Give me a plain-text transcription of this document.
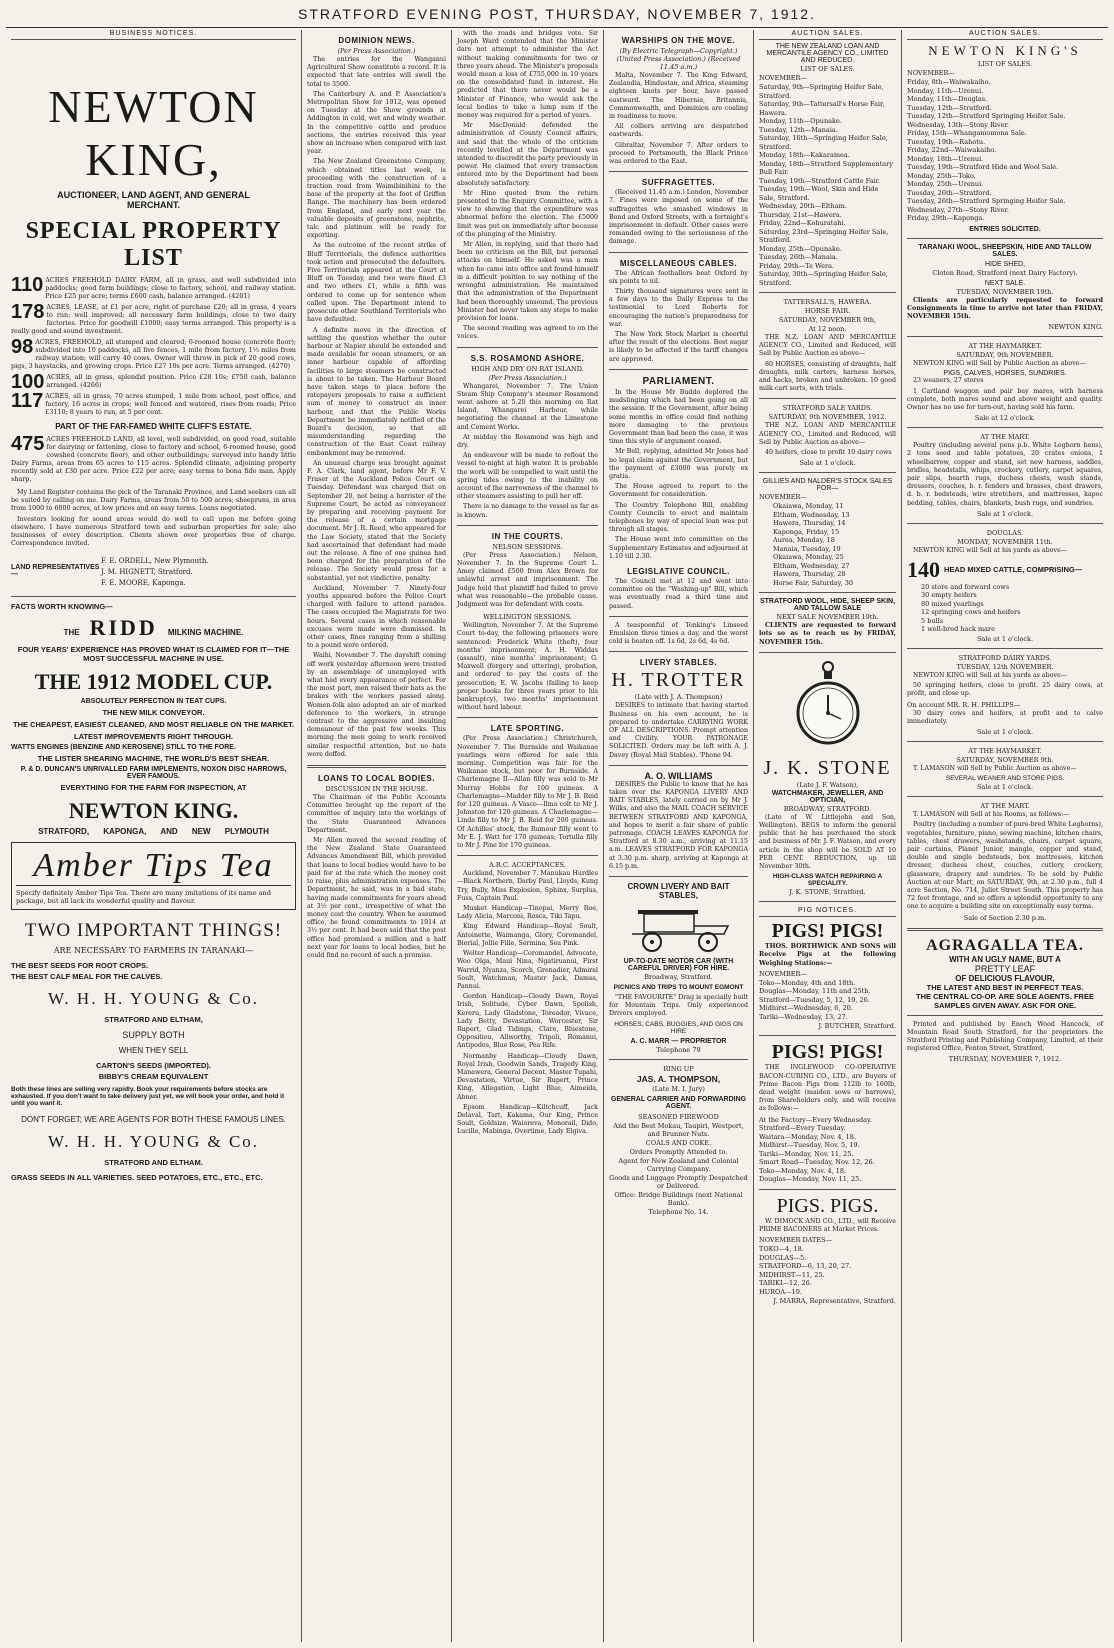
STRATFORD EVENING POST, THURSDAY, NOVEMBER 7, 1912.
BUSINESS NOTICES.
NEWTON KING,
AUCTIONEER, LAND AGENT, AND GENERAL MERCHANT.
SPECIAL PROPERTY LIST
110 ACRES FREEHOLD DAIRY FARM, all in grass, and well subdivided into paddocks; good farm buildings; close to factory, school, and railway station. Price £25 per acre; terms £600 cash, balance arranged. (4201)
178 ACRES, LEASE, at £1 per acre, right of purchase £20; all in grass, 4 years to run; well improved; all necessary farm buildings, close to two dairy factories. Price for goodwill £1000; easy terms arranged. This property is a really good and sound investment.
98 ACRES, FREEHOLD, all stumped and cleared; 6-roomed house (concrete floor); subdivided into 10 paddocks, all live fences, 1 mile from factory, 1½ miles from railway station; will carry 40 cows. Owner will throw in pick of 20 good cows, pigs, 3 haystacks, and growing crops. Price £27 10s per acre. Terms arranged. (4270)
100 ACRES, all in grass, splendid position. Price £28 10s; £750 cash, balance arranged. (4266)
117 ACRES, all in grass, 70 acres stumped, 1 mile from school, post office, and factory, 16 acres in crops; well fenced and watered, rises from roads; Price £3110; 8 years to run, at 5 per cent.
PART OF THE FAR-FAMED WHITE CLIFF'S ESTATE.
475 ACRES FREEHOLD LAND, all level, well subdivided, on good road, suitable for dairying or fattening, close to factory and school, 6-roomed house, good cowshed (concrete floor), and other outbuildings; surveyed into handy little Dairy Farms, areas from 65 acres to 115 acres. Splendid climate, adjoining property recently sold at £30 per acre. Price £22 per acre; easy terms to bona fide man. Apply sharp.
My Land Register contains the pick of the Taranaki Province, and Land seekers can all be suited by calling on me. Dairy Farms, areas from 50 to 500 acres; sheepruns, in area from 1000 to 6000 acres, at low prices and on easy terms. Loans negotiated.
Investors looking for sound areas would do well to call upon me before going elsewhere. I have numerous Stratford town and suburban properties for sale; also businesses of every description. Clients shown over properties free of charge. Correspondence invited.
LAND REPRESENTATIVES—
F. E. ORDELL, New Plymouth.
J. M. HIGNETT, Stratford.
F. E. MOORE, Kaponga.
FACTS WORTH KNOWING—
THE RIDD MILKING MACHINE.
FOUR YEARS' EXPERIENCE HAS PROVED WHAT IS CLAIMED FOR IT—THE MOST SUCCESSFUL MACHINE IN USE.
THE 1912 MODEL CUP.
ABSOLUTELY PERFECTION IN TEAT CUPS.
THE NEW MILK CONVEYOR.
THE CHEAPEST, EASIEST CLEANED, AND MOST RELIABLE ON THE MARKET.
LATEST IMPROVEMENTS RIGHT THROUGH.
WATTS ENGINES (BENZINE AND KEROSENE) STILL TO THE FORE.
THE LISTER SHEARING MACHINE, THE WORLD'S BEST SHEAR.
P. & D. DUNCAN'S UNRIVALLED FARM IMPLEMENTS, NOXON DISC HARROWS, EVER FAMOUS.
EVERYTHING FOR THE FARM FOR INSPECTION, AT
NEWTON KING.
STRATFORD, KAPONGA, AND NEW PLYMOUTH
Amber Tips Tea
Specify definitely Amber Tips Tea. There are many imitations of its name and package, but all lack its wonderful quality and flavour.
TWO IMPORTANT THINGS!
ARE NECESSARY TO FARMERS IN TARANAKI—
THE BEST SEEDS FOR ROOT CROPS.
THE BEST CALF MEAL FOR THE CALVES.
W. H. H. YOUNG & Co.
STRATFORD AND ELTHAM,
SUPPLY BOTH
WHEN THEY SELL
CARTON'S SEEDS (IMPORTED).
BIBBY'S CREAM EQUIVALENT
Both these lines are selling very rapidly. Book your requirements before stocks are exhausted. If you don't want to take delivery just yet, we will book your order, and hold it until you want it.
DON'T FORGET; WE ARE AGENTS FOR BOTH THESE FAMOUS LINES.
W. H. H. YOUNG & Co.
STRATFORD AND ELTHAM.
GRASS SEEDS IN ALL VARIETIES. SEED POTATOES, ETC., ETC., ETC.
DOMINION NEWS.
(Per Press Association.)
The entries for the Wanganui Agricultural Show constitute a record. It is expected that late entries will swell the total to 3500.
The Canterbury A. and P. Association's Metropolitan Show for 1912, was opened on Tuesday at the Show grounds at Addington in cold, wet and windy weather. In the competitive cattle and produce sections, the entries received this year show an increase when compared with last year.
The New Zealand Greenstone Company, which obtained titles last week, is proceeding with the construction of a traction road from Waimibinihini to the base of the property at the foot of Griffen Range. The machinery has been ordered from England, and early next year the valuable deposits of greenstone, nephrite, talc and platinum will be ready for exporting.
As the outcome of the recent strike of Bluff Territorials, the defence authorities took action and prosecuted the defaulters. Five Territorials appeared at the Court at Bluff on Tuesday, and two were fined £3 and two others £1, while a fifth was ordered to come up for sentence when called upon. The Department intend to prosecute other Southland Territorials who have defaulted.
A definite move in the direction of settling the question whether the outer harbour at Napier should be extended and made available for ocean steamers, or an inner harbour capable of affording facilities to large steamers be constructed is about to be taken. The Harbour Board have taken steps to place before the ratepayers proposals to raise a sufficient sum of money to construct an inner harbour, and that the Public Works Department be immediately notified of the Board's decision, so that all misunderstanding regarding the construction of the East Coast railway embankment may be removed.
An unusual charge was brought against F. A. Clark, land agent, before Mr F. V. Fraser at the Auckland Police Court on Tuesday. Defendant was charged that on September 20, not being a barrister of the Supreme Court, he acted as conveyancer by preparing and receiving payment for the release of a certain mortgage document. Mr J. R. Reed, who appeared for the Law Society, stated that the Society had ascertained that defendant had made out the release. A fine of one guinea had been charged for the preparation of the release. The Society would press for a substantial, yet not vindictive, penalty.
Auckland, November 7. Ninety-four youths appeared before the Police Court charged with failure to attend parades. The cases occupied the Magistrate for two hours. Several cases in which reasonable excuses were made were dismissed. In other cases, fines ranging from a shilling to a pound were ordered.
Waihi, November 7. The dayshift coming off work yesterday afternoon were treated by an assemblage of unemployed with what had every appearance of perfect. For the most part, men raised their hats as the brakes with the workers passed along. Women-folk also adopted an air of marked deference to the workers, in strange contrast to the aggressive and insulting demeanour of the past few weeks. This morning the men going to work received similar respectful attention, but no hats were doffed.
LOANS TO LOCAL BODIES.
DISCUSSION IN THE HOUSE.
The Chairman of the Public Accounts Committee brought up the report of the committee of inquiry into the workings of the State Guaranteed Advances Department.
Mr Allen moved the second reading of the New Zealand State Guaranteed Advances Amendment Bill, which provided that loans to local bodies would have to be paid for at the rate which the money cost to raise, plus administration expenses. The Department, he said, was in a bad state, having made commitments for years ahead at 3½ per cent., irrespective of what the money cost the country. When he assumed office, he found commitments to 1914 at 3½ per cent. It had been said that the post office had promised a million and a half next year for loans to local bodies, but he could find no record of such a promise.
with the roads and bridges vote. Sir Joseph Ward contended that the Minister dare not attempt to administer the Act without making commitments for two or three years ahead. The Minister's proposals would mean a loss of £755,000 in 10 years on the consolidated fund in interest. He predicted that there never would be a Minister of Finance, who would ask the local bodies to take a lump sum if the money was required for a period of years.
Mr MacDonald defended the administration of County Council affairs, and said that the whole of the criticism recently levelled at the Department was intended to discredit the party previously in power. He claimed that every transaction entered into by the Department had been absolutely satisfactory.
Mr Hine quoted from the return presented to the Enquiry Committee, with a view to showing that the expenditure was abnormal before the election. The £5000 limit was put on immediately after because of the plunging of the Ministry.
Mr Allen, in replying, said that there had been no criticism on the Bill, but personal attacks on himself. He asked was a man when he came into office and found himself in a difficult position to say nothing of the wrongful administration. He maintained that the administration of the Department had been thoroughly unsound. The previous Minister had never taken any steps to make provision for loans.
The second reading was agreed to on the voices.
S.S. ROSAMOND ASHORE.
HIGH AND DRY ON RAT ISLAND.
(Per Press Association.)
Whangarei, November 7. The Union Steam Ship Company's steamer Rosamond went ashore at 5.20 this morning on Rat Island, Whangarei Harbour, while negotiating the channel at the Limestone and Cement Works.
At midday the Rosamond was high and dry.
An endeavour will be made to refloat the vessel to-night at high water. It is probable the work will be compelled to wait until the spring tides owing to the inability on account of the narrowness of the channel to other steamers assisting to pull her off.
There is no damage to the vessel as far as is known.
IN THE COURTS.
NELSON SESSIONS.
(Per Press Association.) Nelson, November 7. In the Supreme Court L. Amey claimed £500 from Alex Brown for unlawful arrest and imprisonment. The Judge held that plaintiff had failed to prove what was reasonable—the probable cause. Judgment was for defendant with costs.
WELLINGTON SESSIONS.
Wellington, November 7. At the Supreme Court to-day, the following prisoners were sentenced: Frederick White (theft), four months' imprisonment; A. H. Widdas (assault), nine months' imprisonment; G. Maxwell (forgery and uttering), probation, and ordered to pay the costs of the prosecution; E. W. Jacobs (failing to keep proper books for three years prior to his bankruptcy), two months' imprisonment without hard labour.
LATE SPORTING.
(Per Press Association.) Christchurch, November 7. The Burnside and Waikanae yearlings were offered for sale this morning. Competition was fair for the Waikanae stock, but poor for Burnside. A Charlemagne II—Allan filly was sold to Mr Murray Hobbs for 100 guineas. A Charlemagne—Madder filly to Mr J. B. Reid for 120 guineas. A Vasco—Ilma colt to Mr J. Johnston for 120 guineas. A Charlemagne—Linda filly to Mr J. B. Reid for 200 guineas. Of Achilles' stock, the Rumour filly went to Mr E. J. Watt for 170 guineas; Tortulla filly to Mr J. Pine for 170 guineas.
A.R.C. ACCEPTANCES.
Auckland, November 7. Manukau Hurdles—Black Northern, Darby Paul, Lloyds, Kung Try, Bully, Miss Explosion, Sphinx, Surplus, Fuss, Captain Paul.
Musket Handicap—Tinopai, Merry Roe, Lady Alicia, Marconi, Rosca, Tiki Tapu.
King Edward Handicap—Royal Soult, Antoinette, Waimanga, Glory, Coromandel, Bierial, Jollie Fille, Sermina, Sea Pink.
Welter Handicap—Coromandel, Advocate, Woo Olga, Maui Nina, Ngatiruanui, First Warrid, Nyanza, Scorch, Grenadier, Admiral Soult, Watchman, Master Jack, Damsa, Pannui.
Gordon Handicap—Cloudy Dawn, Royal Irish, Solitude, Cyber Dawn, Spolish, Kereru, Lady Gladstone, Toreador, Vivace, Lady Betty, Devastation, Worcester, Sir Rupert, Glad Tidings, Clare, Bluestone, Oppositiou, Allworthy, Tripoli, Romanui, Antipodes, Blue Rose, Pea Rife.
Normanby Handicap—Cloudy Dawn, Royal Irish, Goodwin Sands, Tragedy King, Manawera, General Decent, Master Tupahi, Devastation, Virtue, Sir Rupert, Prince King, Allegation, Light Blue, Aimeida, Abner.
Epsom Handicap—Kiltchcuff, Jack Delaval, Tart, Kakama, Our King, Prince Soult, Goldsize, Waioreva, Monorail, Dido, Lucille, Mabinga, Overtime, Lady Elgiva.
WARSHIPS ON THE MOVE.
(By Electric Telegraph—Copyright.) (United Press Association.) (Received 11.45 a.m.)
Malta, November 7. The King Edward, Zealandia, Hindustan, and Africa, steaming eighteen knots per hour, have passed eastward. The Hibernia, Britannia, Commonwealth, and Dominion are coaling in readiness to move.
All colliers arriving are despatched eastwards.
Gibraltar, November 7. After orders to proceed to Portsmouth, the Black Prince was ordered to the East.
SUFFRAGETTES.
(Received 11.45 a.m.) London, November 7. Fines were imposed on some of the suffragettes who smashed windows in Bond and Oxford Streets, with a fortnight's imprisonment in default. Other cases were remanded owing to the seriousness of the damage.
MISCELLANEOUS CABLES.
The African footballers beat Oxford by six points to nil.
Thirty thousand signatures were sent in a few days to the Daily Express to the testimonial to Lord Roberts for encouraging the nation's preparedness for war.
The New York Stock Market is cheerful after the result of the elections. Best sugar is likely to be affected if the tariff changes are approved.
PARLIAMENT.
In the House Mr Buddo deplored the mudslinging which had been going on all the session. If the Government, after being some months in office could find nothing more damaging to the previous Government than had been the case, it was time this style of argument ceased.
Mr Bell, replying, admitted Mr Jones had no legal claim against the Government, but the payment of £3000 was purely ex gratia.
The House agreed to report to the Government for consideration.
The Country Telephone Bill, enabling County Councils to erect and maintain telephones by way of special loan was put through all stages.
The House went into committee on the Supplementary Estimates and adjourned at 1.10 till 2.30.
LEGISLATIVE COUNCIL.
The Council met at 12 and went into committee on the "Washing-up" Bill, which was eventually read a third time and passed.
A teaspoonful of Tonking's Linseed Emulsion three times a day, and the worst cold is beaten off. 1s 6d, 2s 6d, 4s 6d.
LIVERY STABLES.
H. TROTTER
(Late with J. A. Thompson)
DESIRES to intimate that having started Business on his own account, he is prepared to undertake CARRYING WORK OF ALL DESCRIPTIONS. Prompt attention and Civility. YOUR PATRONAGE SOLICITED. Orders may be left with A. J. Davey (Royal Mail Stables). 'Phone 94.
A. O. WILLIAMS
DESIRES the Public to know that he has taken over the KAPONGA LIVERY AND BAIT STABLES, lately carried on by Mr J. Wilks, and also the MAIL COACH SERVICE BETWEEN STRATFORD AND KAPONGA, and hopes to merit a fair share of public patronage. COACH LEAVES KAPONGA for Stratford at 8.30 a.m., arriving at 11.15 a.m. LEAVES STRATFORD FOR KAPONGA at 3.30 p.m. sharp, arriving at Kaponga at 6.15 p.m.
CROWN LIVERY AND BAIT STABLES,
UP-TO-DATE MOTOR CAR (WITH CAREFUL DRIVER) FOR HIRE.
Broadway, Stratford.
PICNICS AND TRIPS TO MOUNT EGMONT
"THE FAVOURITE" Drag is specially built for Mountain Trips. Only experienced Drivers employed.
HORSES, CABS, BUGGIES, AND GIGS ON HIRE
A. C. MARR — PROPRIETOR
Telephone 79
RING UP
JAS. A. THOMPSON,
(Late M. I. Jury)
GENERAL CARRIER AND FORWARDING AGENT.
SEASONED FIREWOOD
And the Best Mokau, Taupiri, Westport, and Brunner Nuts.
COALS AND COKE.
Orders Promptly Attended to.
Agent for New Zealand and Colonial Carrying Company.
Goods and Luggage Promptly Despatched or Delivered.
Office: Bridge Buildings (next National Bank).
Telephone No. 14.
AUCTION SALES.
THE NEW ZEALAND LOAN AND MERCANTILE AGENCY CO., LIMITED AND REDUCED.
LIST OF SALES.
NOVEMBER—
Saturday, 9th—Springing Heifer Sale, Stratford.
Saturday, 9th—Tattersall's Horse Fair, Hawera.
Monday, 11th—Opunake.
Tuesday, 12th—Manaia.
Saturday, 16th—Springing Heifer Sale, Stratford.
Monday, 18th—Kakaramea.
Monday, 18th—Stratford Supplementary Bull Fair.
Tuesday, 19th—Stratford Cattle Fair.
Tuesday, 19th—Wool, Skin and Hide Sale, Stratford.
Wednesday, 20th—Eltham.
Thursday, 21st—Hawera.
Friday, 22nd—Kohuratahi.
Saturday, 23rd—Springing Heifer Sale, Stratford.
Monday, 25th—Opunake.
Tuesday, 26th—Manaia.
Friday, 29th—Te Wera.
Saturday, 30th—Springing Heifer Sale, Stratford.
TATTERSALL'S, HAWERA.
HORSE FAIR.
SATURDAY, NOVEMBER 9th,
At 12 noon.
THE N.Z. LOAN AND MERCANTILE AGENCY CO., Limited and Reduced, will Sell by Public Auction as above—
80 HORSES, consisting of draughts, half draughts, milk carters, harness horses, and hacks, broken and unbroken. 10 good milk cart sorts, with trials.
STRATFORD SALE YARDS.
SATURDAY, 9th NOVEMBER, 1912.
THE N.Z. LOAN AND MERCANTILE AGENCY CO., Limited and Reduced, will Sell by Public Auction as above—
40 heifers, close to profit 10 dairy cows
Sale at 1 o'clock.
GILLIES AND NALDER'S STOCK SALES FOR—
NOVEMBER—
Okaiawa, Monday, 11
Eltham, Wednesday, 13
Hawera, Thursday, 14
Kaponga, Friday, 15
Aurea, Monday, 18
Manaia, Tuesday, 19
Okaiawa, Monday, 25
Eltham, Wednesday, 27
Hawera, Thursday, 28
Horse Fair, Saturday, 30
STRATFORD WOOL, HIDE, SHEEP SKIN, AND TALLOW SALE
NEXT SALE NOVEMBER 19th.
CLIENTS are requested to forward lots so as to reach us by FRIDAY, NOVEMBER 15th.
J. K. STONE
(Late J. F. Watson),
WATCHMAKER, JEWELLER, AND OPTICIAN,
BROADWAY, STRATFORD.
(Late of W. Littlejohn and Son, Wellington). BEGS to inform the general public that he has purchased the stock and business of Mr. J. F. Watson, and every article in the shop will be SOLD AT 10 PER CENT. REDUCTION, up till November 30th.
HIGH-CLASS WATCH REPAIRING A SPECIALITY.
J. K. STONE, Stratford.
PIG NOTICES.
PIGS! PIGS!
THOS. BORTHWICK AND SONS will Receive Pigs at the following Weighing Stations:—
NOVEMBER—
Toko—Monday, 4th and 18th.
Douglas—Monday, 11th and 25th.
Stratford—Tuesday, 5, 12, 19, 26.
Midhirst—Wednesday, 6, 20.
Tariki—Wednesday, 13, 27.
J. BUTCHER, Stratford.
PIGS! PIGS!
THE INGLEWOOD CO-OPERATIVE BACON-CURING CO., LTD., are Buyers of Prime Bacon Pigs from 112lb to 160lb, dead weight (maiden sows or barrows), from Shareholders only, and will receive as follows:—
At the Factory—Every Wednesday.
Stratford—Every Tuesday.
Waitara—Monday, Nov. 4, 18.
Midhirst—Tuesday, Nov. 5, 19.
Tariki—Monday, Nov. 11, 25.
Smart Road—Tuesday, Nov. 12, 26.
Toko—Monday, Nov. 4, 18.
Douglas—Monday, Nov. 11, 25.
PIGS. PIGS.
W. DIMOCK AND CO., LTD., will Receive PRIME BACONERS at Market Prices.
NOVEMBER DATES—
TOKO—4, 18.
DOUGLAS—5.
STRATFORD—6, 13, 20, 27.
MIDHIRST—11, 25.
TARIKI—12, 26.
HUROA—19.
J. MARRA, Representative, Stratford.
AUCTION SALES.
NEWTON KING'S
LIST OF SALES.
NOVEMBER—
Friday, 8th—Waiwakaiho.
Monday, 11th—Urenui.
Monday, 11th—Douglas.
Tuesday, 12th—Stratford.
Tuesday, 12th—Stratford Springing Heifer Sale.
Wednesday, 13th—Stony River.
Friday, 15th—Whangamomona Sale.
Tuesday, 19th—Rahotu.
Friday, 22nd—Waiwakaiho.
Monday, 18th—Urenui.
Tuesday, 19th—Stratford Hide and Wool Sale.
Monday, 25th—Toko.
Monday, 25th—Urenui.
Tuesday, 26th—Stratford.
Tuesday, 26th—Stratford Springing Heifer Sale.
Wednesday, 27th—Stony River.
Friday, 29th—Kaponga.
ENTRIES SOLICITED.
TARANAKI WOOL, SHEEPSKIN, HIDE AND TALLOW SALES.
HIDE SHED,
Cloton Road, Stratford (next Dairy Factory).
NEXT SALE.
TUESDAY, NOVEMBER 19th.
Clients are particularly requested to forward Consignments in time to arrive not later than FRIDAY, NOVEMBER 15th.
NEWTON KING.
AT THE HAYMARKET.
SATURDAY, 9th NOVEMBER.
NEWTON KING will Sell by Public Auction as above—
PIGS, CALVES, HORSES, SUNDRIES.
23 weaners, 27 stores
1 Cartland waggon and pair bay mares, with harness complete, both mares sound and above weight and quality. Owner has no use for turn-out, having sold his farm.
Sale at 12 o'clock.
AT THE MART.
Poultry (including several pens p.b. White Leghorn hens), 2 tons seed and table potatoes, 20 crates onions, 1 wheelbarrow, copper and stand, set new harness, saddles, bridles, headstalls, whips, crockery, cutlery, carpet squares, pair slips, hearth rugs, duchess chests, wash stands, dressers, couches, b. r. fenders and brasses, chest drawers, d. b. r. bedsteads, wire stretchers, and mattresses, kapoc bedding, tables, chairs, blankets, bush rugs, and sundries.
Sale at 1 o'clock.
DOUGLAS.
MONDAY, NOVEMBER 11th.
NEWTON KING will Sell at his yards as above—
140 HEAD MIXED CATTLE, COMPRISING—
20 store and forward cows
30 empty heifers
80 mixed yearlings
12 springing cows and heifers
5 bulls
1 well-bred hack mare
Sale at 1 o'clock.
STRATFORD DAIRY YARDS.
TUESDAY, 12th NOVEMBER.
NEWTON KING will Sell at his yards as above—
50 springing heifers, close to profit. 25 dairy cows, at profit, and close up.
On account MR. R. H. PHILLIPS—
30 dairy cows and heifers, at profit and to calve immediately.
Sale at 1 o'clock.
AT THE HAYMARKET.
SATURDAY, NOVEMBER 9th.
T. LAMASON will Sell by Public Auction as above—
SEVERAL WEANER AND STORE PIGS.
Sale at 1 o'clock.
AT THE MART.
T. LAMASON will Sell at his Rooms, as follows:—
Poultry (including a number of pure-bred White Leghorns), vegetables, furniture, piano, sewing machine, kitchen chairs, tables, chest drawers, washstands, chairs, carpet square, pair curtains, Planet Junior, mangle, copper and stand, double and single bedsteads, box mattresses, kitchen dresser, duchess chest, couches, cutlery, crockery, glassware, drapery and sundries. To be sold by Public Auction at our Mart, on SATURDAY, 9th, at 2.30 p.m., full 4 acre Section, No. 714, Juliet Street South. This property has 72 feet frontage, and so offers a splendid opportunity to any one to acquire a building site on exceptionally easy terms.
Sale of Section 2.30 p.m.
AGRAGALLA TEA.
WITH AN UGLY NAME, BUT A
PRETTY LEAF
OF DELICIOUS FLAVOUR,
THE LATEST AND BEST IN PERFECT TEAS.
THE CENTRAL CO-OP. ARE SOLE AGENTS. FREE SAMPLES GIVEN AWAY. ASK FOR ONE.
Printed and published by Enoch Wood Hancock, of Mountain Road South Stratford, for the proprietors the Stratford Printing and Publishing Company, Limited, at their registered Office, Fenton Street, Stratford,
THURSDAY, NOVEMBER 7, 1912.
